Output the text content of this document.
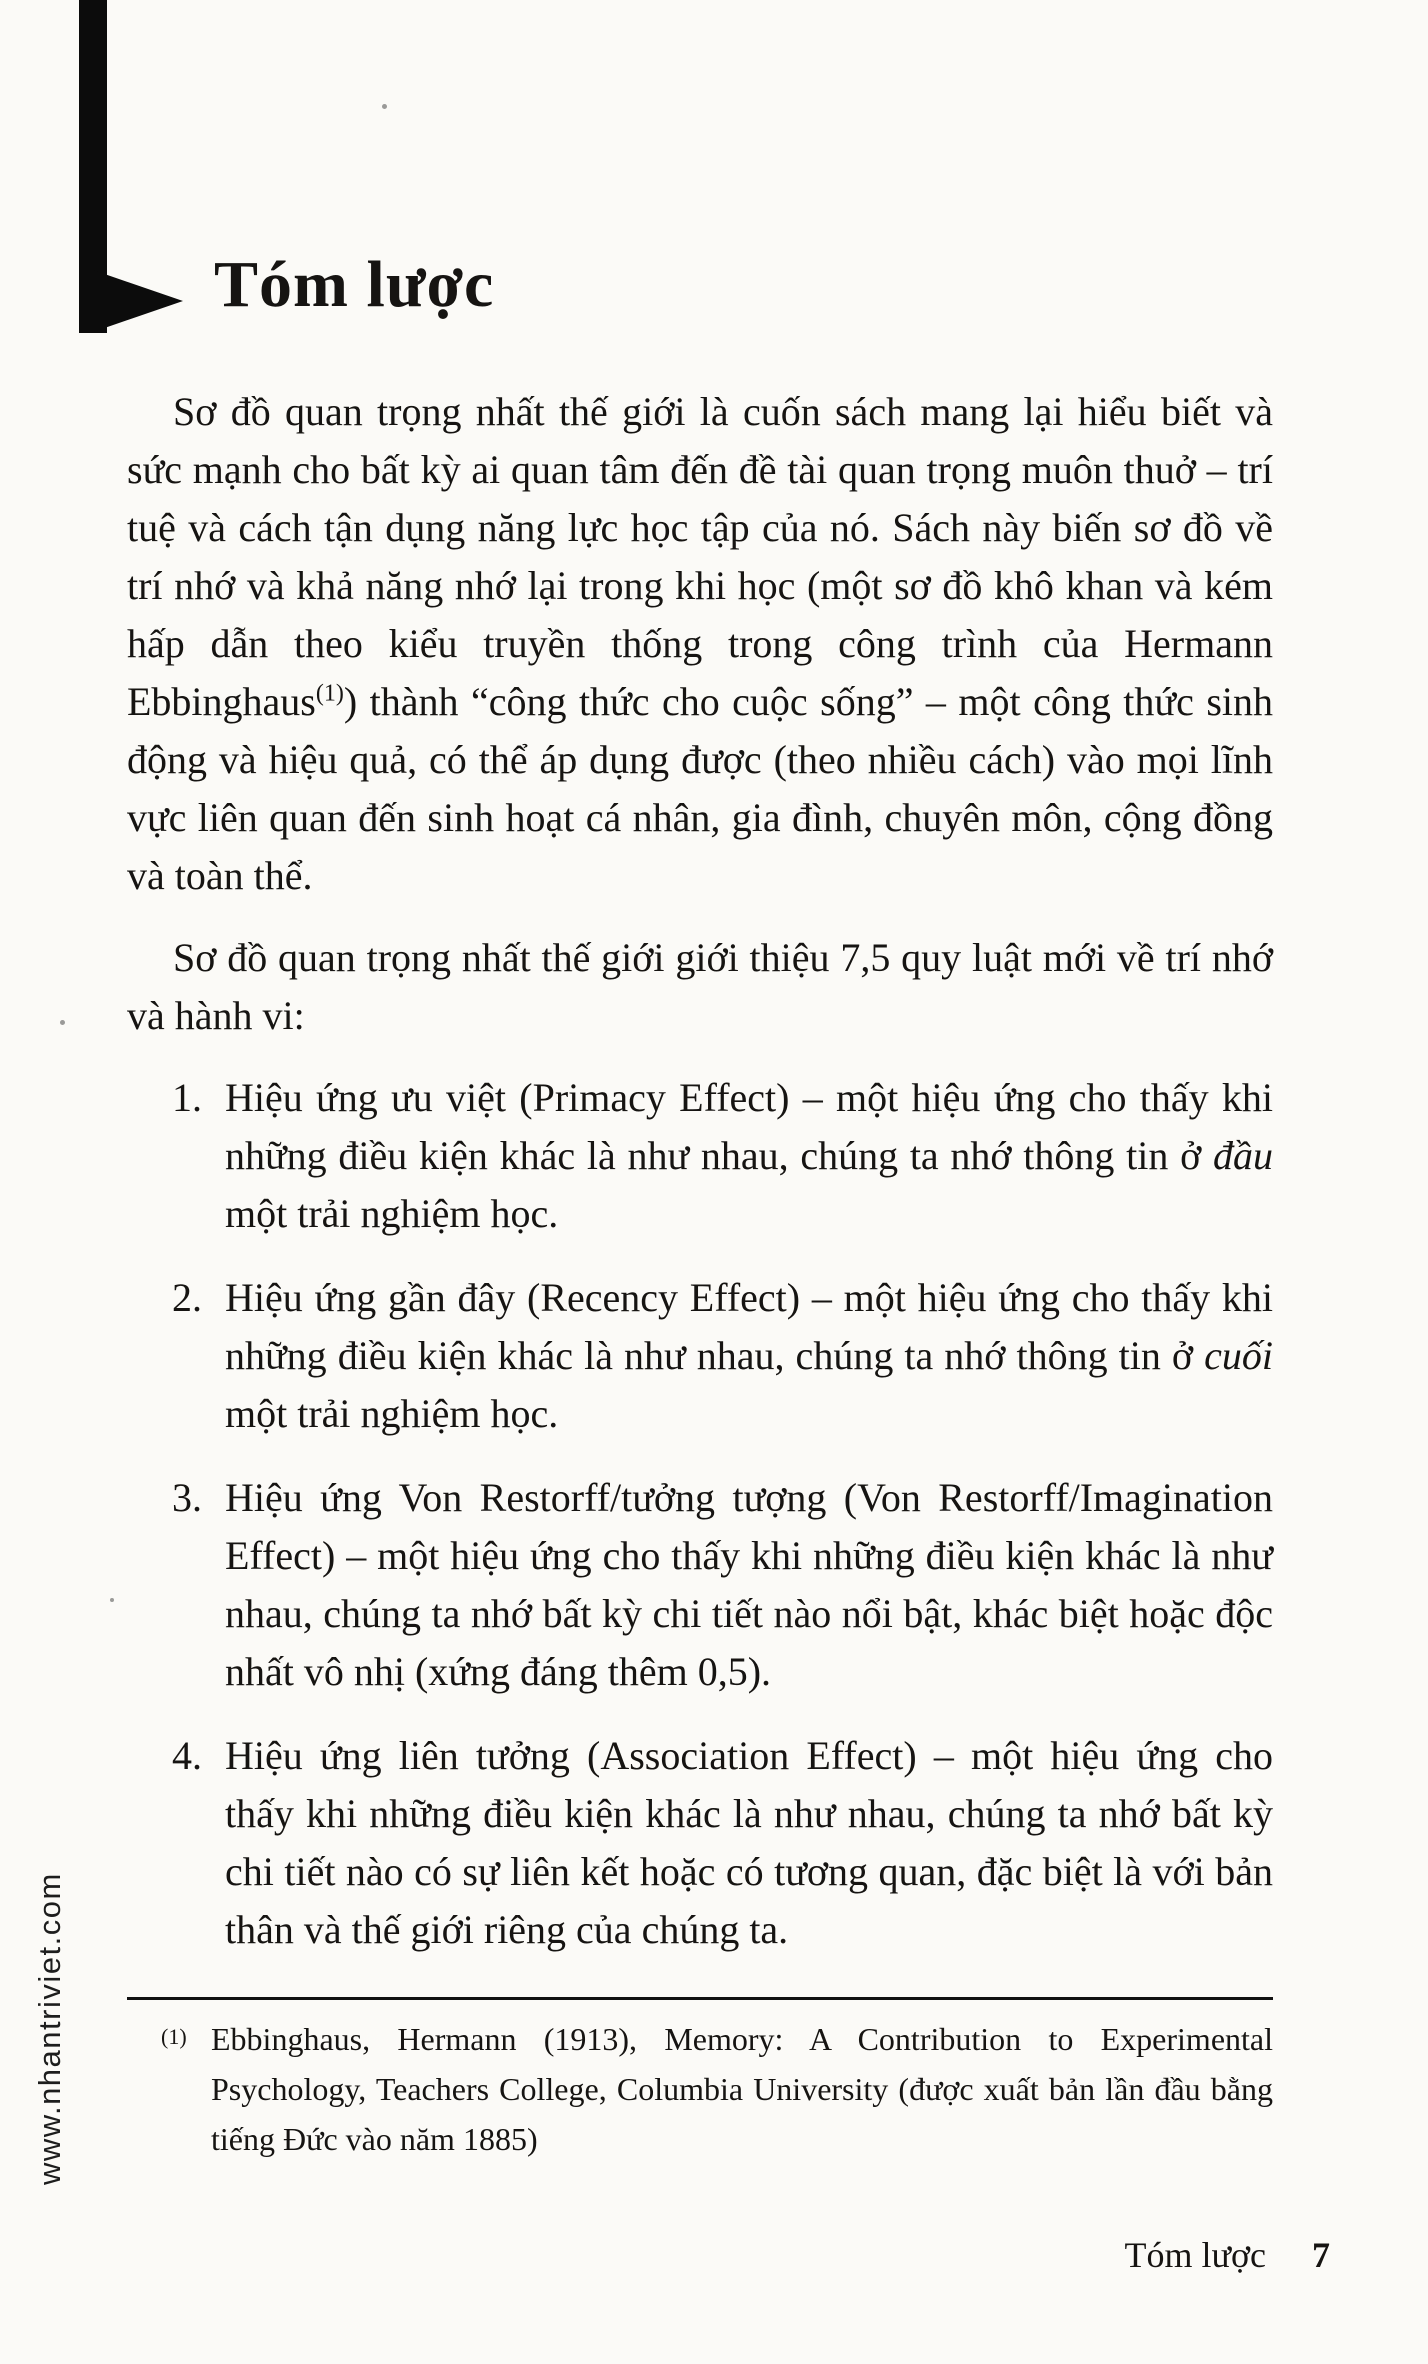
Tóm lược

Sơ đồ quan trọng nhất thế giới là cuốn sách mang lại hiểu biết và sức mạnh cho bất kỳ ai quan tâm đến đề tài quan trọng muôn thuở – trí tuệ và cách tận dụng năng lực học tập của nó. Sách này biến sơ đồ về trí nhớ và khả năng nhớ lại trong khi học (một sơ đồ khô khan và kém hấp dẫn theo kiểu truyền thống trong công trình của Hermann Ebbinghaus$^{(1)}$) thành “công thức cho cuộc sống” – một công thức sinh động và hiệu quả, có thể áp dụng được (theo nhiều cách) vào mọi lĩnh vực liên quan đến sinh hoạt cá nhân, gia đình, chuyên môn, cộng đồng và toàn thể.

Sơ đồ quan trọng nhất thế giới giới thiệu 7,5 quy luật mới về trí nhớ và hành vi:

1. Hiệu ứng ưu việt (Primacy Effect) – một hiệu ứng cho thấy khi những điều kiện khác là như nhau, chúng ta nhớ thông tin ở đầu một trải nghiệm học.
2. Hiệu ứng gần đây (Recency Effect) – một hiệu ứng cho thấy khi những điều kiện khác là như nhau, chúng ta nhớ thông tin ở cuối một trải nghiệm học.
3. Hiệu ứng Von Restorff/tưởng tượng (Von Restorff/Imagination Effect) – một hiệu ứng cho thấy khi những điều kiện khác là như nhau, chúng ta nhớ bất kỳ chi tiết nào nổi bật, khác biệt hoặc độc nhất vô nhị (xứng đáng thêm 0,5).
4. Hiệu ứng liên tưởng (Association Effect) – một hiệu ứng cho thấy khi những điều kiện khác là như nhau, chúng ta nhớ bất kỳ chi tiết nào có sự liên kết hoặc có tương quan, đặc biệt là với bản thân và thế giới riêng của chúng ta.
(1) Ebbinghaus, Hermann (1913), Memory: A Contribution to Experimental Psychology, Teachers College, Columbia University (được xuất bản lần đầu bằng tiếng Đức vào năm 1885)
www.nhantriviet.com
Tóm lược 7
